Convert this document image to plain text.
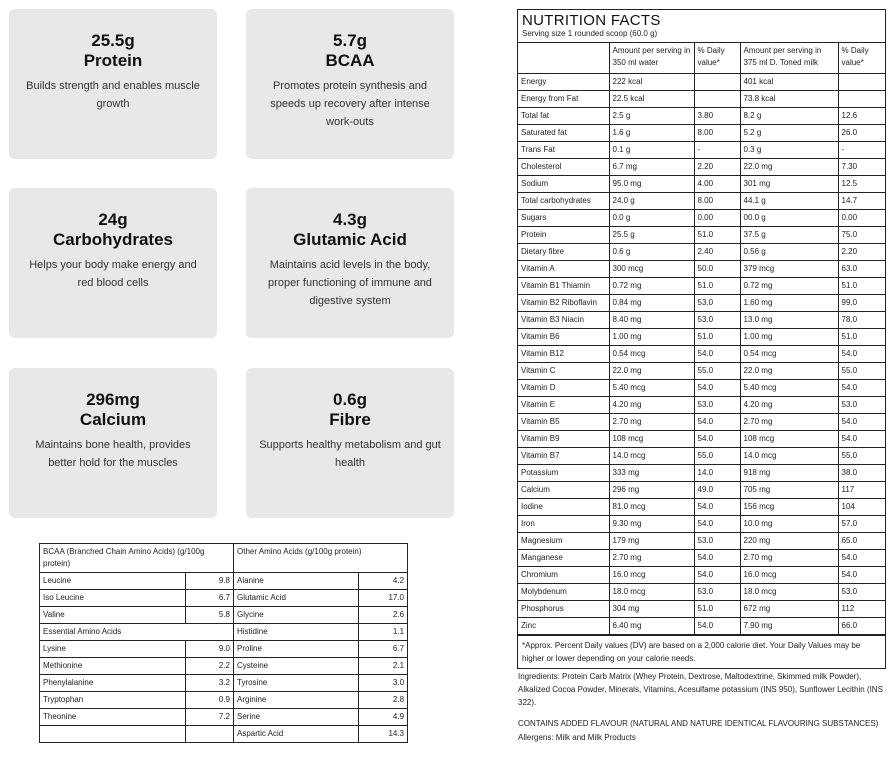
25.5g
Protein
Builds strength and enables muscle growth
5.7g
BCAA
Promotes protein synthesis and speeds up recovery after intense work-outs
24g
Carbohydrates
Helps your body make energy and red blood cells
4.3g
Glutamic Acid
Maintains acid levels in the body, proper functioning of immune and digestive system
296mg
Calcium
Maintains bone health, provides better hold for the muscles
0.6g
Fibre
Supports healthy metabolism and gut health
BCAA (Branched Chain Amino Acids) (g/100g protein)		Other Amino Acids (g/100g protein)	
Leucine	9.8	Alanine	4.2
Iso Leucine	6.7	Glutamic Acid	17.0
Valine	5.8	Glycine	2.6
Essential Amino Acids		Histidine	1.1
Lysine	9.0	Proline	6.7
Methionine	2.2	Cysteine	2.1
Phenylalanine	3.2	Tyrosine	3.0
Tryptophan	0.9	Arginine	2.8
Theonine	7.2	Serine	4.9
		Aspartic Acid	14.3
NUTRITION FACTS
Serving size 1 rounded scoop (60.0 g)
	Amount per serving in 350 ml water	% Daily value*	Amount per serving in 375 ml D. Toned milk	% Daily value*
Energy	222 kcal		401 kcal	
Energy from Fat	22.5 kcal		73.8 kcal	
Total fat	2.5 g	3.80	8.2 g	12.6
Saturated fat	1.6 g	8.00	5.2 g	26.0
Trans Fat	0.1 g	-	0.3 g	-
Cholesterol	6.7 mg	2.20	22.0 mg	7.30
Sodium	95.0 mg	4.00	301 mg	12.5
Total carbohydrates	24.0 g	8.00	44.1 g	14.7
Sugars	0.0 g	0.00	00.0 g	0.00
Protein	25.5 g	51.0	37.5 g	75.0
Dietary fibre	0.6 g	2.40	0.56 g	2.20
Vitamin A	300 mcg	50.0	379 mcg	63.0
Vitamin B1 Thiamin	0.72 mg	51.0	0.72 mg	51.0
Vitamin B2 Riboflavin	0.84 mg	53.0	1.60 mg	99.0
Vitamin B3 Niacin	8.40 mg	53.0	13.0 mg	78.0
Vitamin B6	1.00 mg	51.0	1.00 mg	51.0
Vitamin B12	0.54 mcg	54.0	0.54 mcg	54.0
Vitamin C	22.0 mg	55.0	22.0 mg	55.0
Vitamin D	5.40 mcg	54.0	5.40 mcg	54.0
Vitamin E	4.20 mg	53.0	4.20 mg	53.0
Vitamin B5	2.70 mg	54.0	2.70 mg	54.0
Vitamin B9	108 mcg	54.0	108 mcg	54.0
Vitamin B7	14.0 mcg	55.0	14.0 mcg	55.0
Potassium	333 mg	14.0	918 mg	38.0
Calcium	296 mg	49.0	705 mg	117
Iodine	81.0 mcg	54.0	156 mcg	104
Iron	9.30 mg	54.0	10.0 mg	57.0
Magnesium	179 mg	53.0	220 mg	65.0
Manganese	2.70 mg	54.0	2.70 mg	54.0
Chromium	16.0 mcg	54.0	16.0 mcg	54.0
Molybdenum	18.0 mcg	53.0	18.0 mcg	53.0
Phosphorus	304 mg	51.0	672 mg	112
Zinc	6.40 mg	54.0	7.90 mg	66.0
*Approx. Percent Daily values (DV) are based on a 2,000 calorie diet. Your Daily Values may be higher or lower depending on your calorie needs.
Ingredients: Protein Carb Matrix (Whey Protein, Dextrose, Maltodextrine, Skimmed milk Powder), Alkalized Cocoa Powder, Minerals, Vitamins, Acesulfame potassium (INS 950), Sunflower Lecithin (INS 322).
CONTAINS ADDED FLAVOUR (NATURAL AND NATURE IDENTICAL FLAVOURING SUBSTANCES)
Allergens: Milk and Milk Products
